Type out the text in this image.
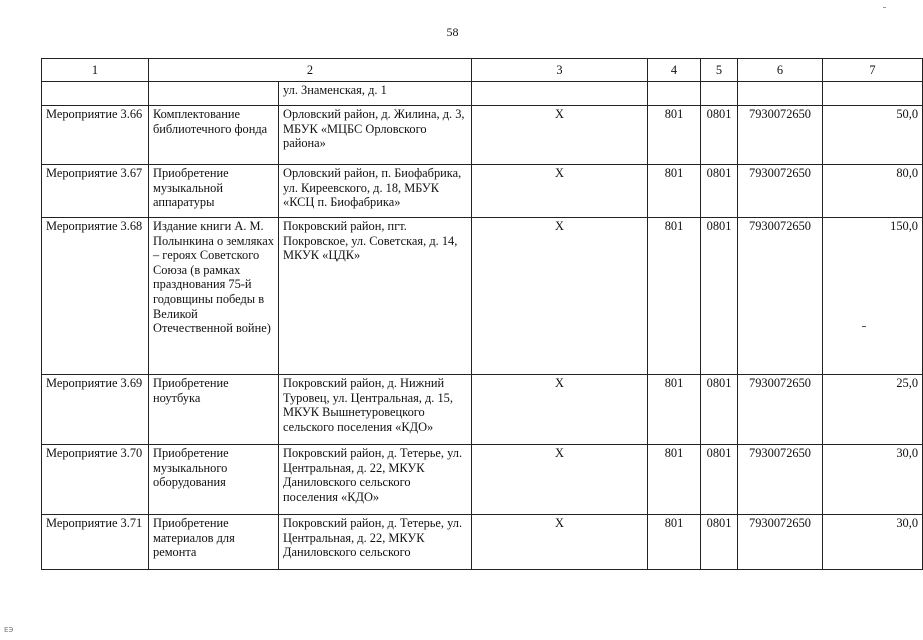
58
1	2		3	4	5	6	7
		ул. Знаменская, д. 1					
Мероприятие 3.66	Комплектование библиотечного фонда	Орловский район, д. Жилина, д. 3, МБУК «МЦБС Орловского района»	X	801	0801	7930072650	50,0
Мероприятие 3.67	Приобретение музыкальной аппаратуры	Орловский район, п. Биофабрика, ул. Киреевского, д. 18, МБУК «КСЦ п. Биофабрика»	X	801	0801	7930072650	80,0
Мероприятие 3.68	Издание книги А. М. Полынкина о земляках – героях Советского Союза (в рамках празднования 75-й годовщины победы в Великой Отечественной войне)	Покровский район, пгт. Покровское, ул. Советская, д. 14, МКУК «ЦДК»	X	801	0801	7930072650	150,0
Мероприятие 3.69	Приобретение ноутбука	Покровский район, д. Нижний Туровец, ул. Центральная, д. 15, МКУК Вышнетуровецкого сельского поселения «КДО»	X	801	0801	7930072650	25,0
Мероприятие 3.70	Приобретение музыкального оборудования	Покровский район, д. Тетерье, ул. Центральная, д. 22, МКУК Даниловского сельского поселения «КДО»	X	801	0801	7930072650	30,0
Мероприятие 3.71	Приобретение материалов для ремонта	Покровский район, д. Тетерье, ул. Центральная, д. 22, МКУК Даниловского сельского	X	801	0801	7930072650	30,0
ЕЭ
